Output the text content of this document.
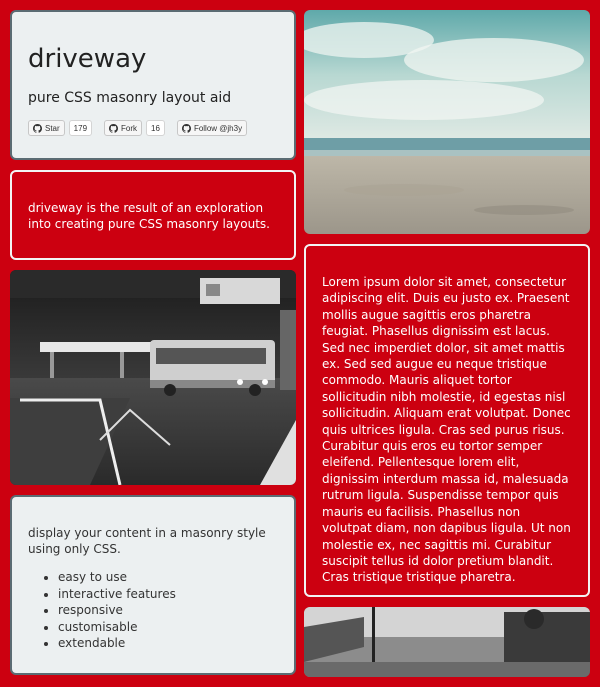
driveway
pure CSS masonry layout aid
Star	179	Fork	16	Follow @jh3y
driveway is the result of an exploration into creating pure CSS masonry layouts.
display your content in a masonry style using only CSS.
• easy to use
• interactive features
• responsive
• customisable
• extendable
Lorem ipsum dolor sit amet, consectetur adipiscing elit. Duis eu justo ex. Praesent mollis augue sagittis eros pharetra feugiat. Phasellus dignissim est lacus. Sed nec imperdiet dolor, sit amet mattis ex. Sed sed augue eu neque tristique commodo. Mauris aliquet tortor sollicitudin nibh molestie, id egestas nisl sollicitudin. Aliquam erat volutpat. Donec quis ultrices ligula. Cras sed purus risus. Curabitur quis eros eu tortor semper eleifend. Pellentesque lorem elit, dignissim interdum massa id, malesuada rutrum ligula. Suspendisse tempor quis mauris eu facilisis. Phasellus non volutpat diam, non dapibus ligula. Ut non molestie ex, nec sagittis mi. Curabitur suscipit tellus id dolor pretium blandit. Cras tristique tristique pharetra.
